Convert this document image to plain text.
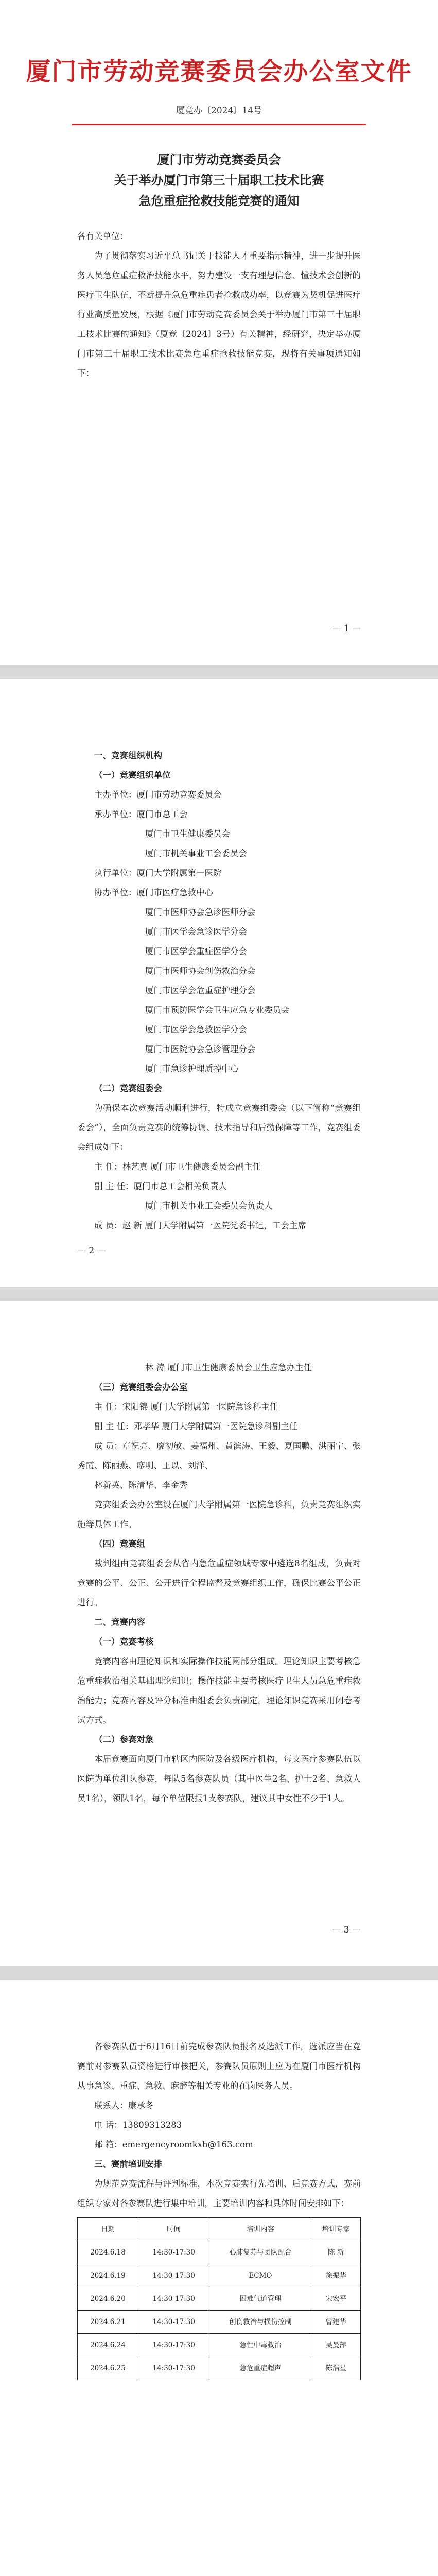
厦门市劳动竞赛委员会办公室文件
厦竞办〔2024〕14号
厦门市劳动竞赛委员会
关于举办厦门市第三十届职工技术比赛
急危重症抢救技能竞赛的通知

各有关单位：

为了贯彻落实习近平总书记关于技能人才重要指示精神，进一步提升医务人员急危重症救治技能水平，努力建设一支有理想信念、懂技术会创新的医疗卫生队伍，不断提升急危重症患者抢救成功率，以竞赛为契机促进医疗行业高质量发展，根据《厦门市劳动竞赛委员会关于举办厦门市第三十届职工技术比赛的通知》（厦竞〔2024〕3号）有关精神，经研究，决定举办厦门市第三十届职工技术比赛急危重症抢救技能竞赛，现将有关事项通知如下：

— 1 —

一、竞赛组织机构

（一）竞赛组织单位

主办单位：厦门市劳动竞赛委员会

承办单位：厦门市总工会

厦门市卫生健康委员会

厦门市机关事业工会委员会

执行单位：厦门大学附属第一医院

协办单位：厦门市医疗急救中心

厦门市医师协会急诊医师分会

厦门市医学会急诊医学分会

厦门市医学会重症医学分会

厦门市医师协会创伤救治分会

厦门市医学会危重症护理分会

厦门市预防医学会卫生应急专业委员会

厦门市医学会急救医学分会

厦门市医院协会急诊管理分会

厦门市急诊护理质控中心

（二）竞赛组委会

为确保本次竞赛活动顺利进行，特成立竞赛组委会（以下简称“竞赛组委会”），全面负责竞赛的统筹协调、技术指导和后勤保障等工作，竞赛组委会组成如下：

主 任：林艺真 厦门市卫生健康委员会副主任

副 主 任：厦门市总工会相关负责人

厦门市机关事业工会委员会负责人

成 员：赵 新 厦门大学附属第一医院党委书记，工会主席

— 2 —

林 涛 厦门市卫生健康委员会卫生应急办主任

（三）竞赛组委会办公室

主 任：宋阳锦 厦门大学附属第一医院急诊科主任

副 主 任：邓孝华 厦门大学附属第一医院急诊科副主任

成 员：章祝亮、廖初敏、姜福州、黄滨涛、王毅、夏国鹏、洪丽宁、张秀霞、陈丽燕、廖明、王以、刘洋、

林新英、陈清华、李金秀

竞赛组委会办公室设在厦门大学附属第一医院急诊科，负责竞赛组织实施等具体工作。

（四）竞赛组

裁判组由竞赛组委会从省内急危重症领域专家中遴选8名组成，负责对竞赛的公平、公正、公开进行全程监督及竞赛组织工作，确保比赛公平公正进行。

二、竞赛内容

（一）竞赛考核

竞赛内容由理论知识和实际操作技能两部分组成。理论知识主要考核急危重症救治相关基础理论知识；操作技能主要考核医疗卫生人员急危重症救治能力；竞赛内容及评分标准由组委会负责制定。理论知识竞赛采用闭卷考试方式。

（二）参赛对象

本届竞赛面向厦门市辖区内医院及各级医疗机构，每支医疗参赛队伍以医院为单位组队参赛，每队5名参赛队员（其中医生2名、护士2名、急救人员1名），领队1名，每个单位限报1支参赛队，建议其中女性不少于1人。

— 3 —

各参赛队伍于6月16日前完成参赛队员报名及选派工作。选派应当在竞赛前对参赛队员资格进行审核把关，参赛队员原则上应为在厦门市医疗机构从事急诊、重症、急救、麻醉等相关专业的在岗医务人员。

联系人：康承冬

电 话：13809313283

邮 箱：emergencyroomkxh@163.com

三、赛前培训安排

为规范竞赛流程与评判标准，本次竞赛实行先培训、后竞赛方式，赛前组织专家对各参赛队进行集中培训，主要培训内容和具体时间安排如下：

日期	时间	培训内容	培训专家
2024.6.18	14:30-17:30	心肺复苏与团队配合	陈 新
2024.6.19	14:30-17:30	ECMO	徐振华
2024.6.20	14:30-17:30	困难气道管理	宋宏平
2024.6.21	14:30-17:30	创伤救治与损伤控制	曾建华
2024.6.24	14:30-17:30	急性中毒救治	吴曼萍
2024.6.25	14:30-17:30	急危重症超声	陈浩星
